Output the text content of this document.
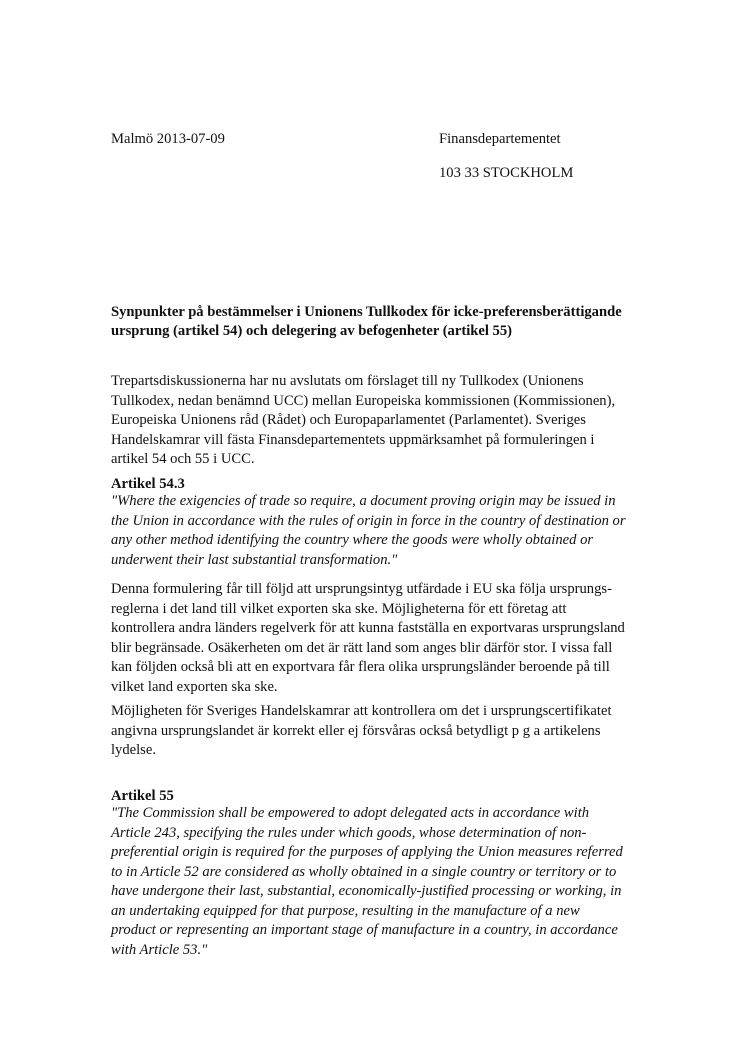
Malmö 2013-07-09	Finansdepartementet
103 33 STOCKHOLM
Synpunkter på bestämmelser i Unionens Tullkodex för icke-preferensberättigande
ursprung (artikel 54) och delegering av befogenheter (artikel 55)
Trepartsdiskussionerna har nu avslutats om förslaget till ny Tullkodex (Unionens
Tullkodex, nedan benämnd UCC) mellan Europeiska kommissionen (Kommissionen),
Europeiska Unionens råd (Rådet) och Europaparlamentet (Parlamentet). Sveriges
Handelskamrar vill fästa Finansdepartementets uppmärksamhet på formuleringen i
artikel 54 och 55 i UCC.
Artikel 54.3
"Where the exigencies of trade so require, a document proving origin may be issued in
the Union in accordance with the rules of origin in force in the country of destination or
any other method identifying the country where the goods were wholly obtained or
underwent their last substantial transformation."
Denna formulering får till följd att ursprungsintyg utfärdade i EU ska följa ursprungs-
reglerna i det land till vilket exporten ska ske. Möjligheterna för ett företag att
kontrollera andra länders regelverk för att kunna fastställa en exportvaras ursprungsland
blir begränsade. Osäkerheten om det är rätt land som anges blir därför stor. I vissa fall
kan följden också bli att en exportvara får flera olika ursprungsländer beroende på till
vilket land exporten ska ske.
Möjligheten för Sveriges Handelskamrar att kontrollera om det i ursprungscertifikatet
angivna ursprungslandet är korrekt eller ej försvåras också betydligt p g a artikelens
lydelse.
Artikel 55
"The Commission shall be empowered to adopt delegated acts in accordance with
Article 243, specifying the rules under which goods, whose determination of non-
preferential origin is required for the purposes of applying the Union measures referred
to in Article 52 are considered as wholly obtained in a single country or territory or to
have undergone their last, substantial, economically-justified processing or working, in
an undertaking equipped for that purpose, resulting in the manufacture of a new
product or representing an important stage of manufacture in a country, in accordance
with Article 53."
